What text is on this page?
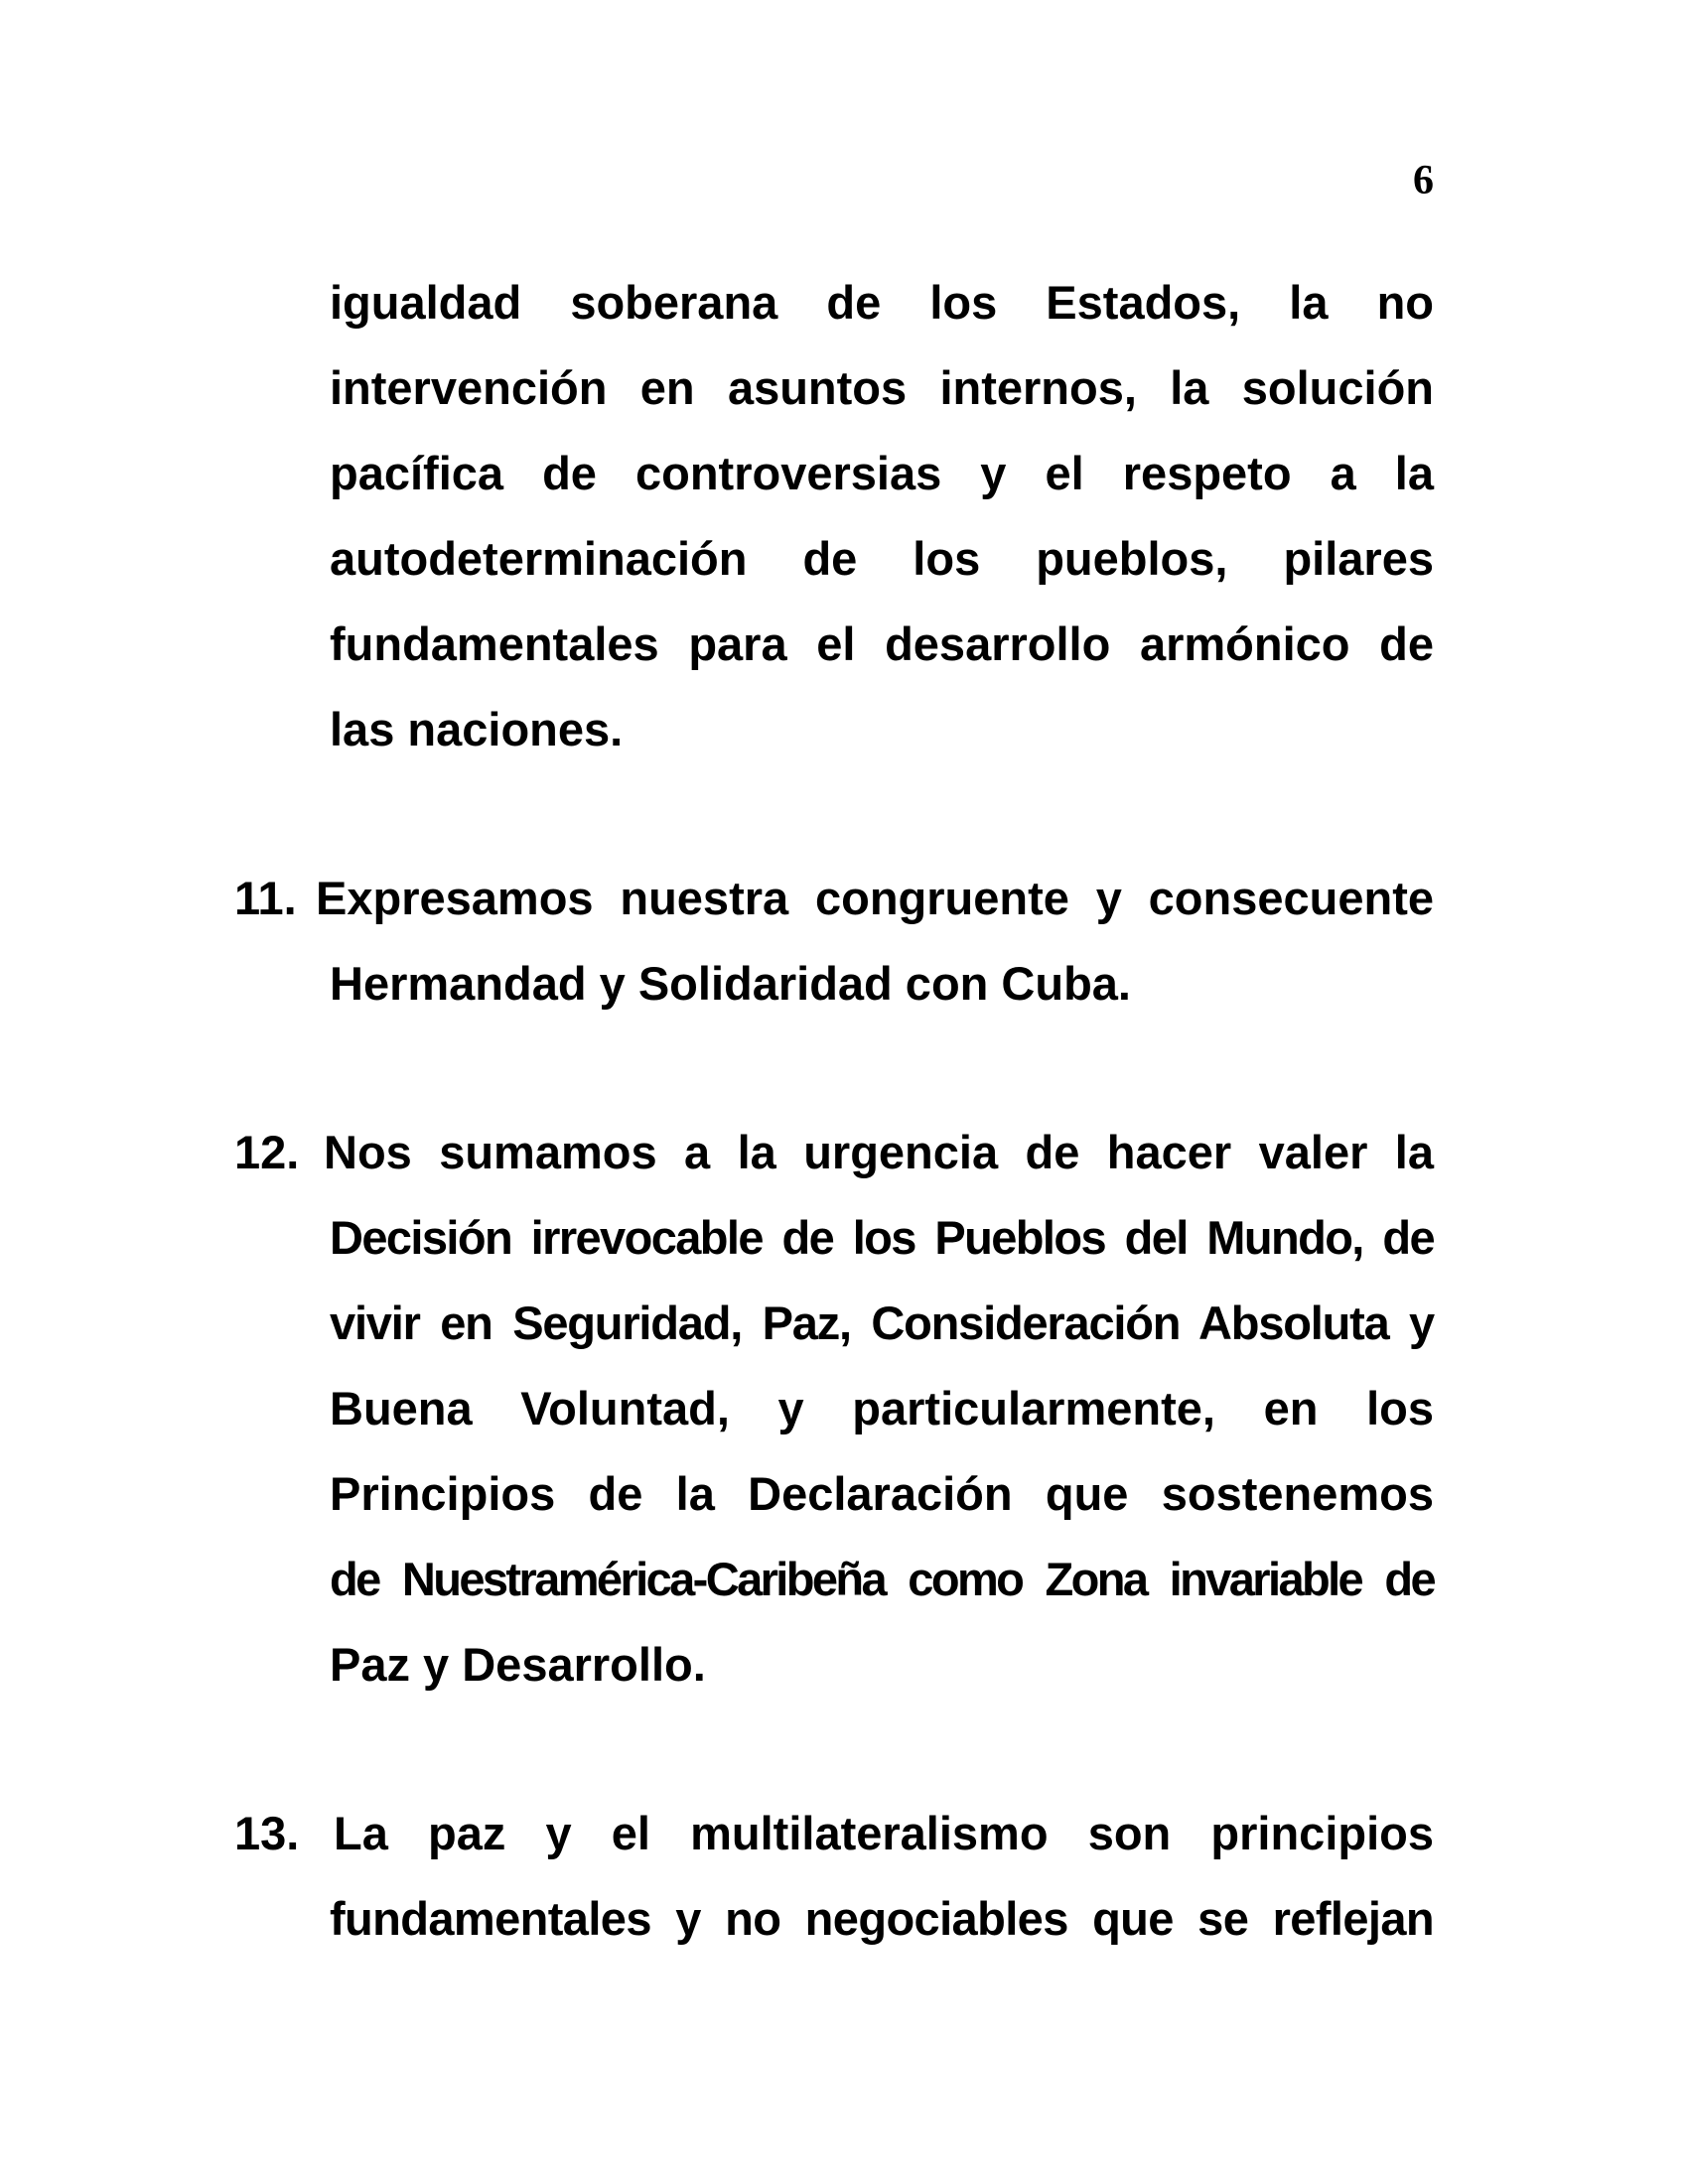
6
igualdad soberana de los Estados, la no
intervención en asuntos internos, la solución
pacífica de controversias y el respeto a la
autodeterminación de los pueblos, pilares
fundamentales para el desarrollo armónico de
las naciones.
11. Expresamos nuestra congruente y consecuente
Hermandad y Solidaridad con Cuba.
12. Nos sumamos a la urgencia de hacer valer la
Decisión irrevocable de los Pueblos del Mundo, de
vivir en Seguridad, Paz, Consideración Absoluta y
Buena Voluntad, y particularmente, en los
Principios de la Declaración que sostenemos
de Nuestramérica-Caribeña como Zona invariable de
Paz y Desarrollo.
13. La paz y el multilateralismo son principios
fundamentales y no negociables que se reflejan
